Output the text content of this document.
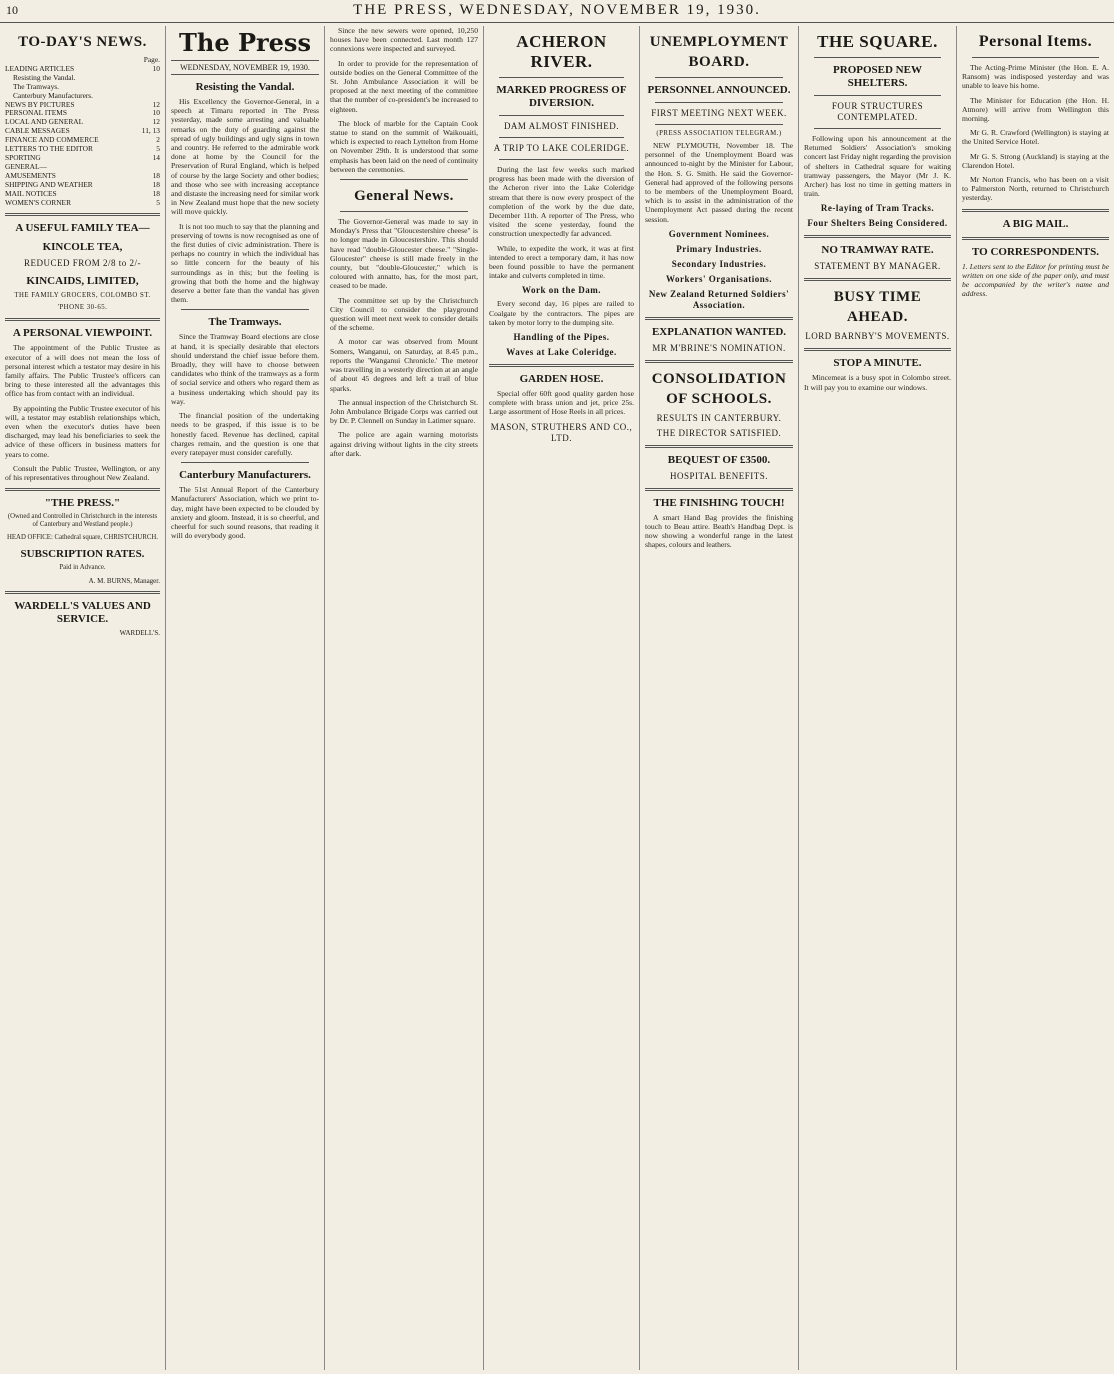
10	THE PRESS, WEDNESDAY, NOVEMBER 19, 1930.
TO-DAY'S NEWS.
Page.
LEADING ARTICLES	10
Resisting the Vandal.
The Tramways.
Canterbury Manufacturers.
NEWS BY PICTURES	12
PERSONAL ITEMS	10
LOCAL AND GENERAL	12
CABLE MESSAGES	11, 13
FINANCE AND COMMERCE	2
LETTERS TO THE EDITOR	5
SPORTING	14
GENERAL—
AMUSEMENTS	18
SHIPPING AND WEATHER	18
MAIL NOTICES	18
WOMEN'S CORNER	5
A USEFUL FAMILY TEA—
KINCOLE TEA,
REDUCED FROM 2/8 to 2/-
KINCAIDS, LIMITED,
THE FAMILY GROCERS, COLOMBO ST.
'PHONE 30-65.
A PERSONAL VIEWPOINT.

The appointment of the Public Trustee as executor of a will does not mean the loss of personal interest which a testator may desire in his family affairs. The Public Trustee's officers can bring to these interested all the advantages this office has from contact with an individual.

By appointing the Public Trustee executor of his will, a testator may establish relationships which, even when the executor's duties have been discharged, may lead his beneficiaries to seek the advice of these officers in business matters for years to come.

Consult the Public Trustee, Wellington, or any of his representatives throughout New Zealand.

"THE PRESS."

(Owned and Controlled in Christchurch in the interests of Canterbury and Westland people.)

HEAD OFFICE: Cathedral square, CHRISTCHURCH.

SUBSCRIPTION RATES.

Paid in Advance.

A. M. BURNS, Manager.
WARDELL'S VALUES AND SERVICE.
WARDELL'S.
The Press
WEDNESDAY, NOVEMBER 19, 1930.
Resisting the Vandal.

His Excellency the Governor-General, in a speech at Timaru reported in The Press yesterday, made some arresting and valuable remarks on the duty of guarding against the spread of ugly buildings and ugly signs in town and country. He referred to the admirable work done at home by the Council for the Preservation of Rural England, which is helped of course by the large Society and other bodies; and those who see with increasing acceptance and distaste the increasing need for similar work in New Zealand must hope that the new society will move quickly.

It is not too much to say that the planning and preserving of towns is now recognised as one of the first duties of civic administration. There is perhaps no country in which the individual has so little concern for the beauty of his surroundings as in this; but the feeling is growing that both the home and the highway deserve a better fate than the vandal has given them.

The Tramways.

Since the Tramway Board elections are close at hand, it is specially desirable that electors should understand the chief issue before them. Broadly, they will have to choose between candidates who think of the tramways as a form of social service and others who regard them as a business undertaking which should pay its way.

The financial position of the undertaking needs to be grasped, if this issue is to be honestly faced. Revenue has declined, capital charges remain, and the question is one that every ratepayer must consider carefully.

Canterbury Manufacturers.

The 51st Annual Report of the Canterbury Manufacturers' Association, which we print to-day, might have been expected to be clouded by anxiety and gloom. Instead, it is so cheerful, and cheerful for such sound reasons, that reading it will do everybody good.

Since the new sewers were opened, 10,250 houses have been connected. Last month 127 connexions were inspected and surveyed.

In order to provide for the representation of outside bodies on the General Committee of the St. John Ambulance Association it will be proposed at the next meeting of the committee that the number of co-president's be increased to eighteen.

The block of marble for the Captain Cook statue to stand on the summit of Waikouaiti, which is expected to reach Lyttelton from Home on November 29th. It is understood that some emphasis has been laid on the need of continuity between the ceremonies.

General News.

The Governor-General was made to say in Monday's Press that "Gloucestershire cheese" is no longer made in Gloucestershire. This should have read "double-Gloucester cheese." "Single-Gloucester" cheese is still made freely in the county, but "double-Gloucester," which is coloured with annatto, has, for the most part, ceased to be made.

The committee set up by the Christchurch City Council to consider the playground question will meet next week to consider details of the scheme.

A motor car was observed from Mount Somers, Wanganui, on Saturday, at 8.45 p.m., reports the 'Wanganui Chronicle.' The meteor was travelling in a westerly direction at an angle of about 45 degrees and left a trail of blue sparks.

The annual inspection of the Christchurch St. John Ambulance Brigade Corps was carried out by Dr. P. Clennell on Sunday in Latimer square.

The police are again warning motorists against driving without lights in the city streets after dark.

ACHERON RIVER.
MARKED PROGRESS OF DIVERSION.
DAM ALMOST FINISHED.
A TRIP TO LAKE COLERIDGE.

During the last few weeks such marked progress has been made with the diversion of the Acheron river into the Lake Coleridge stream that there is now every prospect of the completion of the work by the due date, December 11th. A reporter of The Press, who visited the scene yesterday, found the construction unexpectedly far advanced.

While, to expedite the work, it was at first intended to erect a temporary dam, it has now been found possible to have the permanent intake and culverts completed in time.

Work on the Dam.

Every second day, 16 pipes are railed to Coalgate by the contractors. The pipes are taken by motor lorry to the dumping site.

Handling of the Pipes.
Waves at Lake Coleridge.
GARDEN HOSE.

Special offer 60ft good quality garden hose complete with brass union and jet, price 25s. Large assortment of Hose Reels in all prices.

MASON, STRUTHERS AND CO., LTD.
UNEMPLOYMENT BOARD.
PERSONNEL ANNOUNCED.
FIRST MEETING NEXT WEEK.
(PRESS ASSOCIATION TELEGRAM.)

NEW PLYMOUTH, November 18. The personnel of the Unemployment Board was announced to-night by the Minister for Labour, the Hon. S. G. Smith. He said the Governor-General had approved of the following persons to be members of the Unemployment Board, which is to assist in the administration of the Unemployment Act passed during the recent session.

Government Nominees.
Primary Industries.
Secondary Industries.
Workers' Organisations.
New Zealand Returned Soldiers' Association.
EXPLANATION WANTED.
MR M'BRINE'S NOMINATION.
CONSOLIDATION OF SCHOOLS.
RESULTS IN CANTERBURY.
THE DIRECTOR SATISFIED.
BEQUEST OF £3500.
HOSPITAL BENEFITS.
THE FINISHING TOUCH!

A smart Hand Bag provides the finishing touch to Beau attire. Beath's Handbag Dept. is now showing a wonderful range in the latest shapes, colours and leathers.

THE SQUARE.
PROPOSED NEW SHELTERS.
FOUR STRUCTURES CONTEMPLATED.

Following upon his announcement at the Returned Soldiers' Association's smoking concert last Friday night regarding the provision of shelters in Cathedral square for waiting tramway passengers, the Mayor (Mr J. K. Archer) has lost no time in getting matters in train.

Re-laying of Tram Tracks.
Four Shelters Being Considered.
NO TRAMWAY RATE.
STATEMENT BY MANAGER.
BUSY TIME AHEAD.
LORD BARNBY'S MOVEMENTS.
STOP A MINUTE.

Mincemeat is a busy spot in Colombo street. It will pay you to examine our windows.

Personal Items.

The Acting-Prime Minister (the Hon. E. A. Ransom) was indisposed yesterday and was unable to leave his home.

The Minister for Education (the Hon. H. Atmore) will arrive from Wellington this morning.

Mr G. R. Crawford (Wellington) is staying at the United Service Hotel.

Mr G. S. Strong (Auckland) is staying at the Clarendon Hotel.

Mr Norton Francis, who has been on a visit to Palmerston North, returned to Christchurch yesterday.

A BIG MAIL.
TO CORRESPONDENTS.

1. Letters sent to the Editor for printing must be written on one side of the paper only, and must be accompanied by the writer's name and address.
